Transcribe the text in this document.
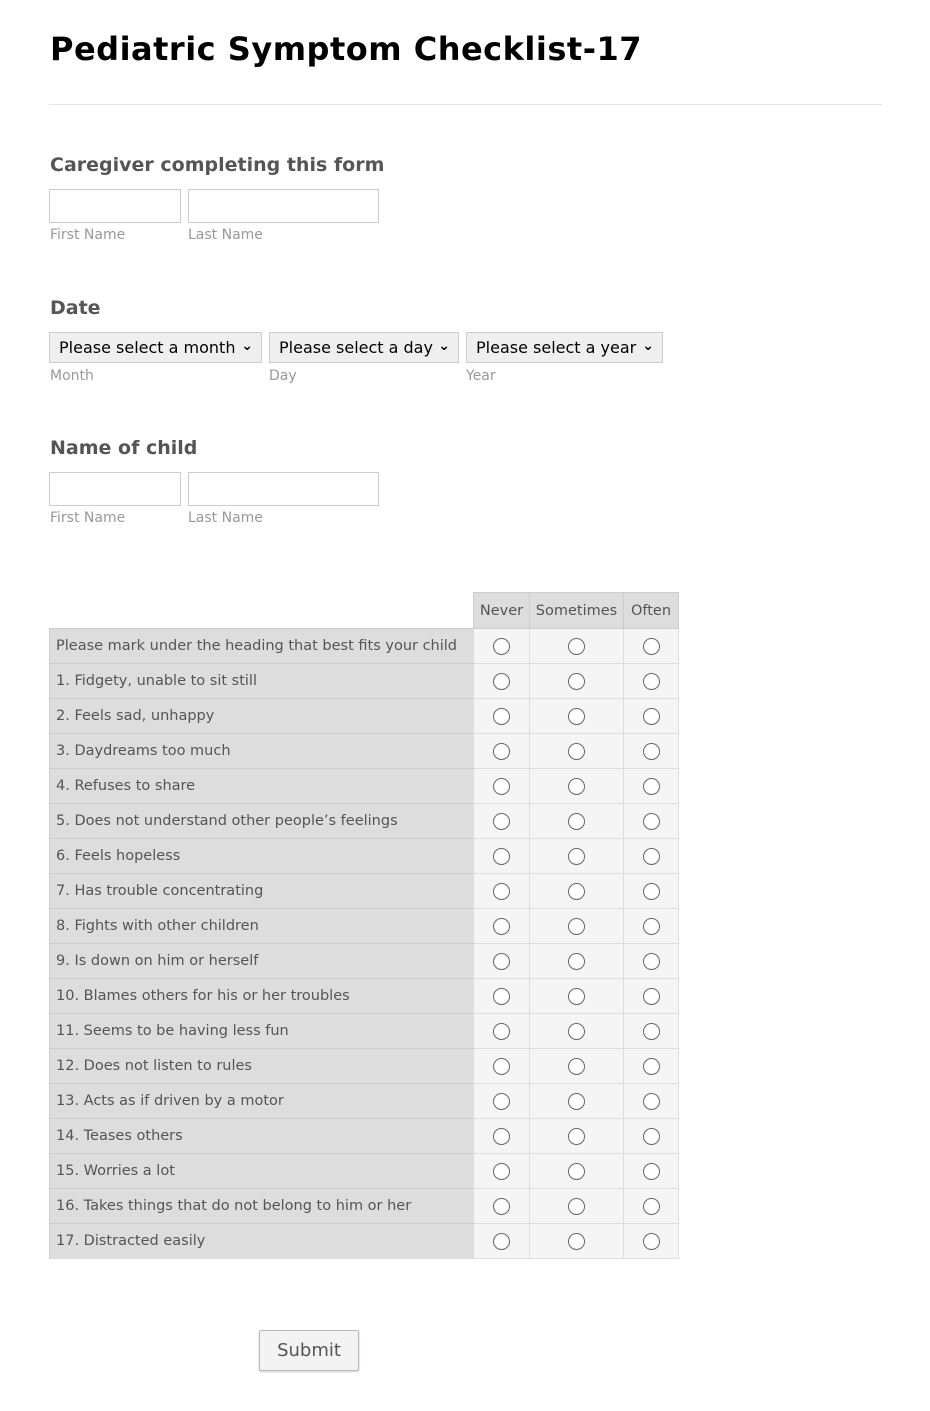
Pediatric Symptom Checklist-17
Caregiver completing this form
First Name	Last Name
Date
Please select a month ⌄	Please select a day ⌄	Please select a year ⌄
Month	Day	Year
Name of child
First Name	Last Name
	Never	Sometimes	Often
Please mark under the heading that best fits your child			
1. Fidgety, unable to sit still			
2. Feels sad, unhappy			
3. Daydreams too much			
4. Refuses to share			
5. Does not understand other people’s feelings			
6. Feels hopeless			
7. Has trouble concentrating			
8. Fights with other children			
9. Is down on him or herself			
10. Blames others for his or her troubles			
11. Seems to be having less fun			
12. Does not listen to rules			
13. Acts as if driven by a motor			
14. Teases others			
15. Worries a lot			
16. Takes things that do not belong to him or her			
17. Distracted easily			
Submit
